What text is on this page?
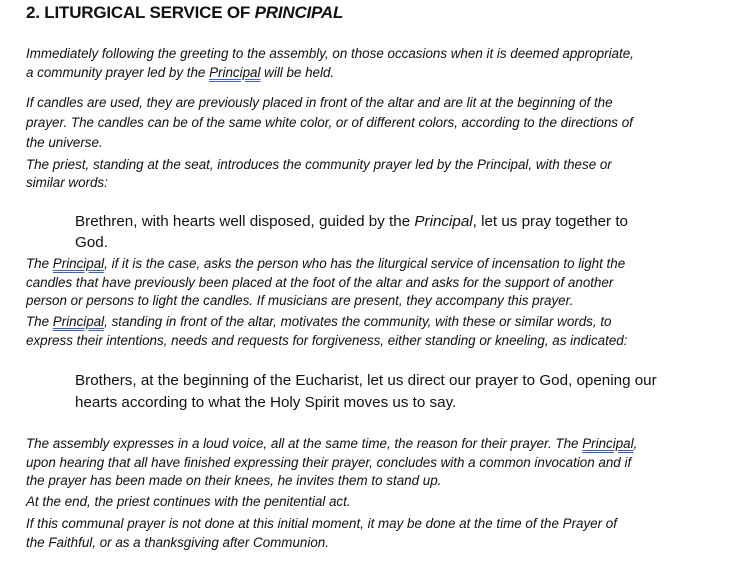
2. LITURGICAL SERVICE OF PRINCIPAL
Immediately following the greeting to the assembly, on those occasions when it is deemed appropriate,
a community prayer led by the Principal will be held.
If candles are used, they are previously placed in front of the altar and are lit at the beginning of the
prayer. The candles can be of the same white color, or of different colors, according to the directions of
the universe.
The priest, standing at the seat, introduces the community prayer led by the Principal, with these or
similar words:
Brethren, with hearts well disposed, guided by the Principal, let us pray together to
God.
The Principal, if it is the case, asks the person who has the liturgical service of incensation to light the
candles that have previously been placed at the foot of the altar and asks for the support of another
person or persons to light the candles. If musicians are present, they accompany this prayer.
The Principal, standing in front of the altar, motivates the community, with these or similar words, to
express their intentions, needs and requests for forgiveness, either standing or kneeling, as indicated:
Brothers, at the beginning of the Eucharist, let us direct our prayer to God, opening our
hearts according to what the Holy Spirit moves us to say.
The assembly expresses in a loud voice, all at the same time, the reason for their prayer. The Principal,
upon hearing that all have finished expressing their prayer, concludes with a common invocation and if
the prayer has been made on their knees, he invites them to stand up.
At the end, the priest continues with the penitential act.
If this communal prayer is not done at this initial moment, it may be done at the time of the Prayer of
the Faithful, or as a thanksgiving after Communion.
